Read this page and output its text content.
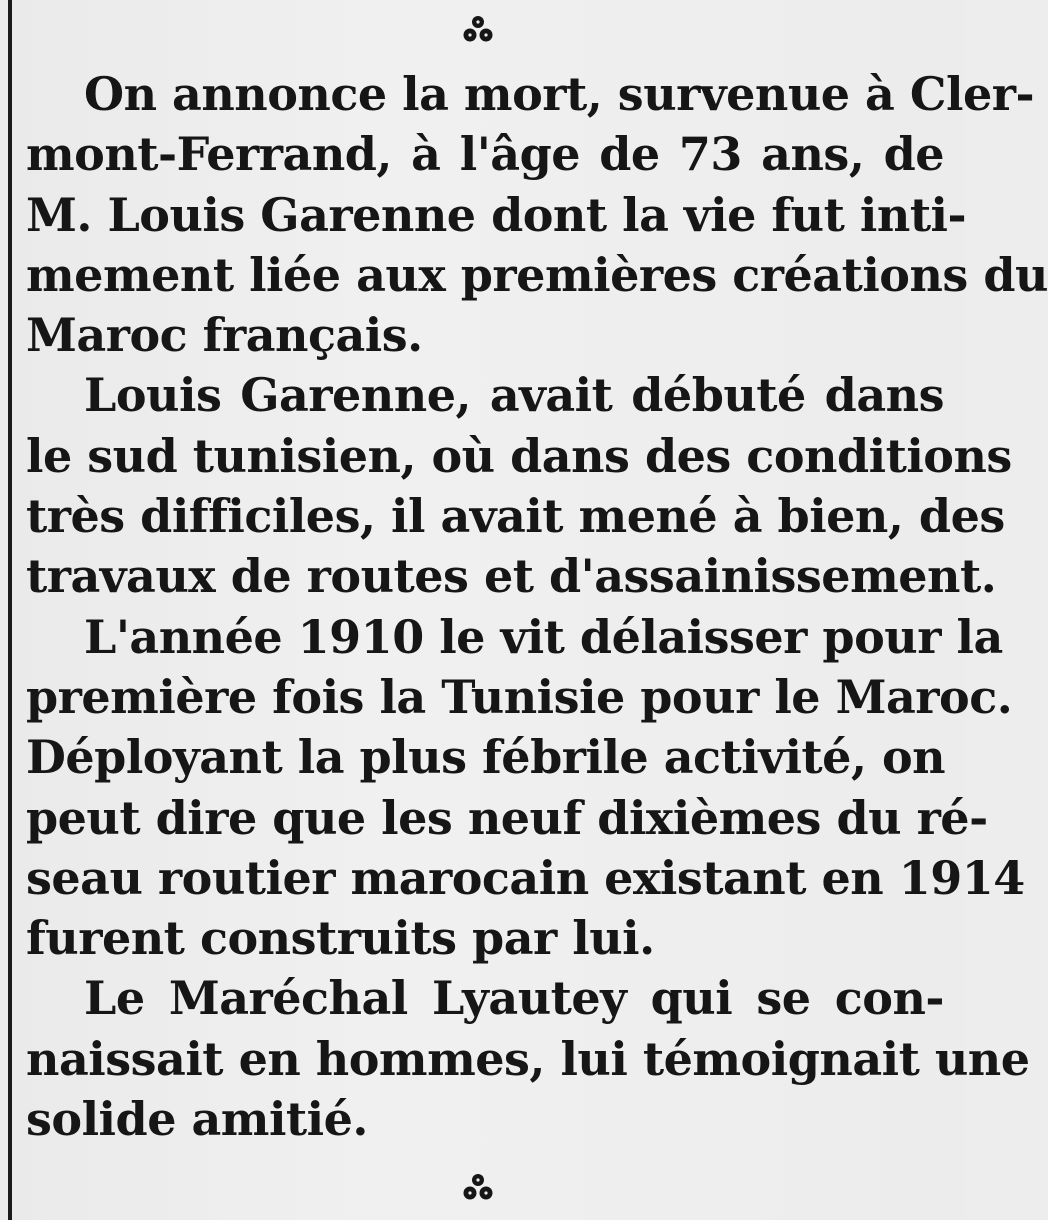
On annonce la mort, survenue à Cler-
mont-Ferrand, à l'âge de 73 ans, de
M. Louis Garenne dont la vie fut inti-
mement liée aux premières créations du
Maroc français.
Louis Garenne, avait débuté dans
le sud tunisien, où dans des conditions
très difficiles, il avait mené à bien, des
travaux de routes et d'assainissement.
L'année 1910 le vit délaisser pour la
première fois la Tunisie pour le Maroc.
Déployant la plus fébrile activité, on
peut dire que les neuf dixièmes du ré-
seau routier marocain existant en 1914
furent construits par lui.
Le Maréchal Lyautey qui se con-
naissait en hommes, lui témoignait une
solide amitié.
